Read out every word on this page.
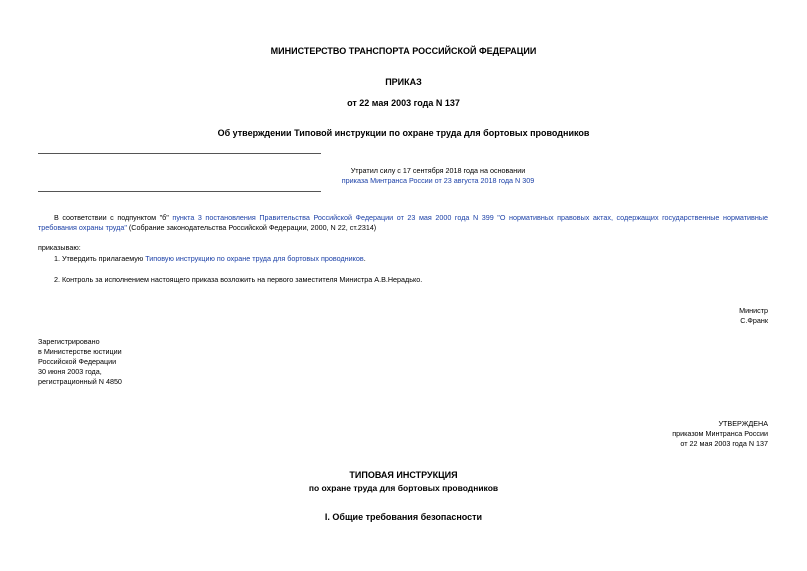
МИНИСТЕРСТВО ТРАНСПОРТА РОССИЙСКОЙ ФЕДЕРАЦИИ
ПРИКАЗ
от 22 мая 2003 года N 137
Об утверждении Типовой инструкции по охране труда для бортовых проводников
Утратил силу с 17 сентября 2018 года на основании
приказа Минтранса России от 23 августа 2018 года N 309
В соответствии с подпунктом "б" пункта 3 постановления Правительства Российской Федерации от 23 мая 2000 года N 399 "О нормативных правовых актах, содержащих государственные нормативные требования охраны труда" (Собрание законодательства Российской Федерации, 2000, N 22, ст.2314)
приказываю:
1. Утвердить прилагаемую Типовую инструкцию по охране труда для бортовых проводников.
2. Контроль за исполнением настоящего приказа возложить на первого заместителя Министра А.В.Нерадько.
Министр
С.Франк
Зарегистрировано
в Министерстве юстиции
Российской Федерации
30 июня 2003 года,
регистрационный N 4850
УТВЕРЖДЕНА
приказом Минтранса России
от 22 мая 2003 года N 137
ТИПОВАЯ ИНСТРУКЦИЯ
по охране труда для бортовых проводников
I. Общие требования безопасности
